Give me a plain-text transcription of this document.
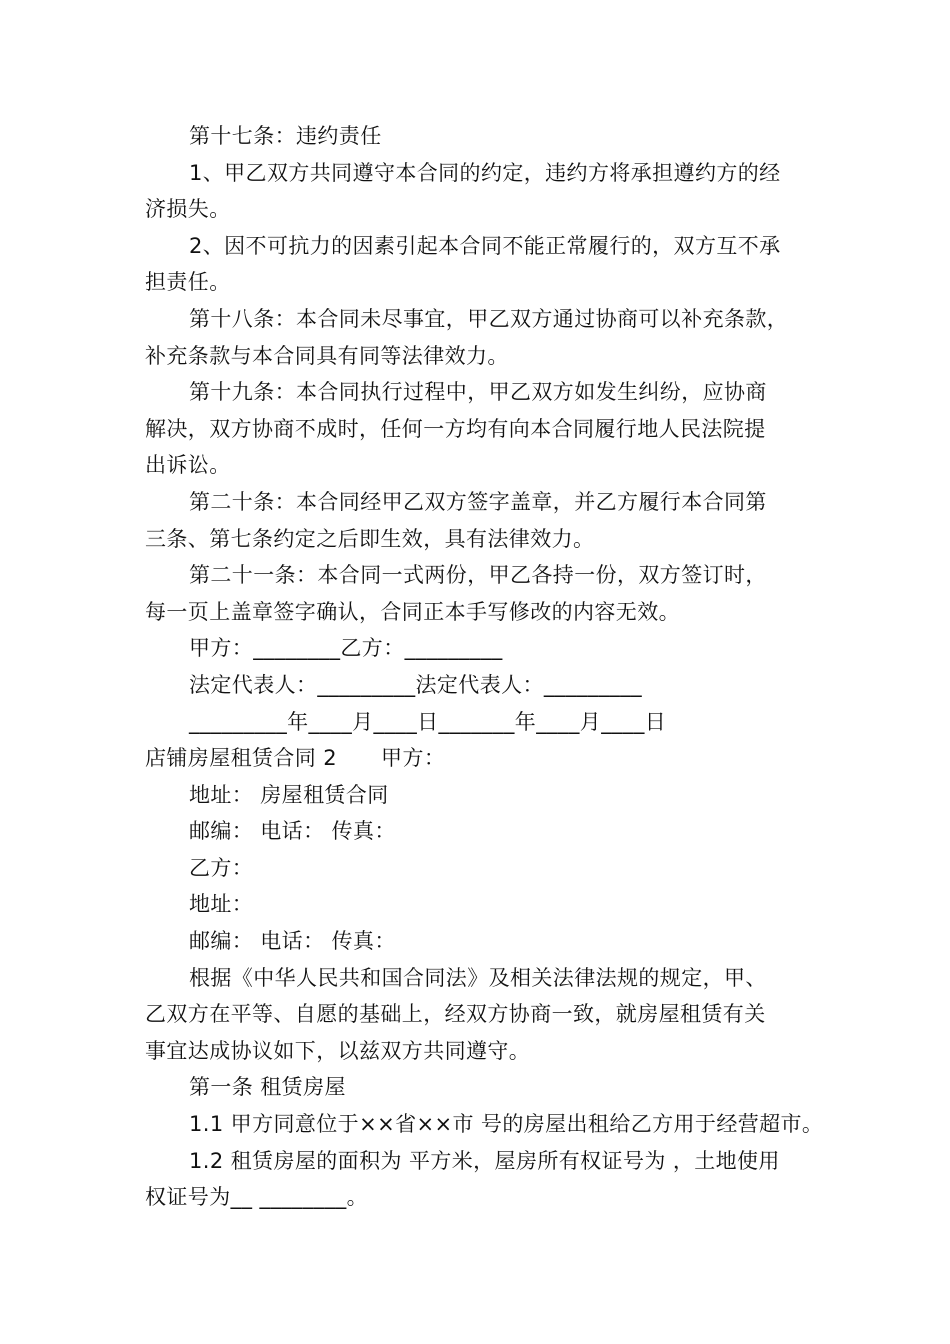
第十七条：违约责任
1、甲乙双方共同遵守本合同的约定，违约方将承担遵约方的经
济损失。
2、因不可抗力的因素引起本合同不能正常履行的，双方互不承
担责任。
第十八条：本合同未尽事宜，甲乙双方通过协商可以补充条款，
补充条款与本合同具有同等法律效力。
第十九条：本合同执行过程中，甲乙双方如发生纠纷，应协商
解决，双方协商不成时，任何一方均有向本合同履行地人民法院提
出诉讼。
第二十条：本合同经甲乙双方签字盖章，并乙方履行本合同第
三条、第七条约定之后即生效，具有法律效力。
第二十一条：本合同一式两份，甲乙各持一份，双方签订时，
每一页上盖章签字确认，合同正本手写修改的内容无效。
甲方：________乙方：_________
法定代表人：_________法定代表人：_________
_________年____月____日_______年____月____日
店铺房屋租赁合同 2 甲方：
地址： 房屋租赁合同
邮编： 电话： 传真：
乙方：
地址：
邮编： 电话： 传真：
根据《中华人民共和国合同法》及相关法律法规的规定，甲、
乙双方在平等、自愿的基础上，经双方协商一致，就房屋租赁有关
事宜达成协议如下，以兹双方共同遵守。
第一条 租赁房屋
1.1 甲方同意位于××省××市 号的房屋出租给乙方用于经营超市。
1.2 租赁房屋的面积为 平方米，屋房所有权证号为 ，土地使用
权证号为__ ________。
